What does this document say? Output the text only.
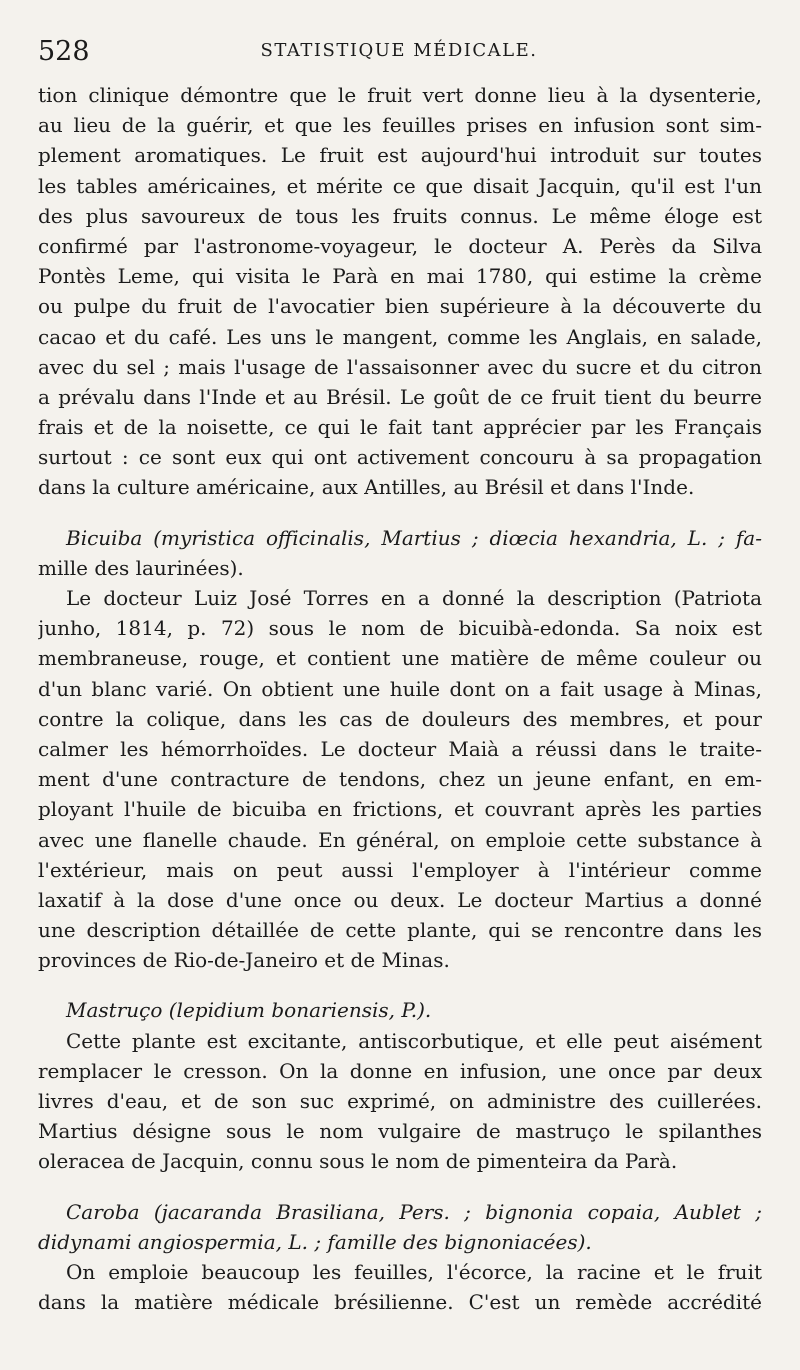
528	STATISTIQUE MÉDICALE.
tion clinique démontre que le fruit vert donne lieu à la dysenterie,
au lieu de la guérir, et que les feuilles prises en infusion sont sim-
plement aromatiques. Le fruit est aujourd'hui introduit sur toutes
les tables américaines, et mérite ce que disait Jacquin, qu'il est l'un
des plus savoureux de tous les fruits connus. Le même éloge est
confirmé par l'astronome-voyageur, le docteur A. Perès da Silva
Pontès Leme, qui visita le Parà en mai 1780, qui estime la crème
ou pulpe du fruit de l'avocatier bien supérieure à la découverte du
cacao et du café. Les uns le mangent, comme les Anglais, en salade,
avec du sel ; mais l'usage de l'assaisonner avec du sucre et du citron
a prévalu dans l'Inde et au Brésil. Le goût de ce fruit tient du beurre
frais et de la noisette, ce qui le fait tant apprécier par les Français
surtout : ce sont eux qui ont activement concouru à sa propagation
dans la culture américaine, aux Antilles, au Brésil et dans l'Inde.
Bicuiba (myristica officinalis, Martius ; diœcia hexandria, L. ; fa-
mille des laurinées).
Le docteur Luiz José Torres en a donné la description (Patriota
junho, 1814, p. 72) sous le nom de bicuibà-edonda. Sa noix est
membraneuse, rouge, et contient une matière de même couleur ou
d'un blanc varié. On obtient une huile dont on a fait usage à Minas,
contre la colique, dans les cas de douleurs des membres, et pour
calmer les hémorrhoïdes. Le docteur Maià a réussi dans le traite-
ment d'une contracture de tendons, chez un jeune enfant, en em-
ployant l'huile de bicuiba en frictions, et couvrant après les parties
avec une flanelle chaude. En général, on emploie cette substance à
l'extérieur, mais on peut aussi l'employer à l'intérieur comme
laxatif à la dose d'une once ou deux. Le docteur Martius a donné
une description détaillée de cette plante, qui se rencontre dans les
provinces de Rio-de-Janeiro et de Minas.
Mastruço (lepidium bonariensis, P.).
Cette plante est excitante, antiscorbutique, et elle peut aisément
remplacer le cresson. On la donne en infusion, une once par deux
livres d'eau, et de son suc exprimé, on administre des cuillerées.
Martius désigne sous le nom vulgaire de mastruço le spilanthes
oleracea de Jacquin, connu sous le nom de pimenteira da Parà.
Caroba (jacaranda Brasiliana, Pers. ; bignonia copaia, Aublet ;
didynami angiospermia, L. ; famille des bignoniacées).
On emploie beaucoup les feuilles, l'écorce, la racine et le fruit
dans la matière médicale brésilienne. C'est un remède accrédité
